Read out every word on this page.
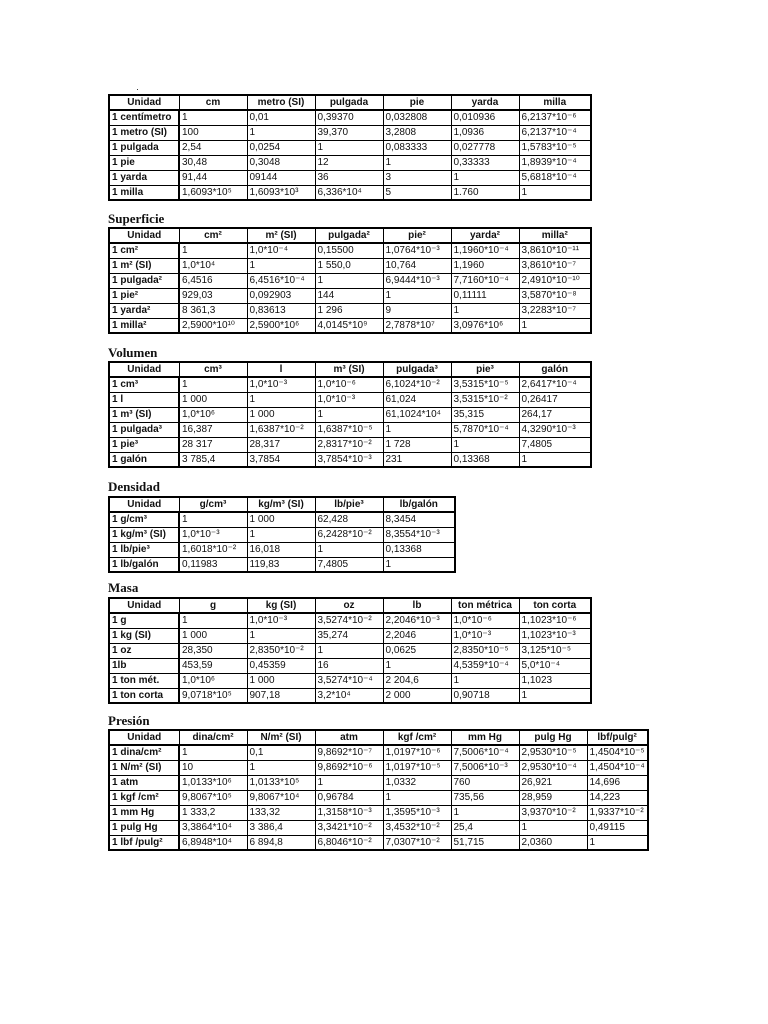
·
Unidad	cm	metro (SI)	pulgada	pie	yarda	milla
1 centímetro	1	0,01	0,39370	0,032808	0,010936	6,2137*10⁻⁶
1 metro (SI)	100	1	39,370	3,2808	1,0936	6,2137*10⁻⁴
1 pulgada	2,54	0,0254	1	0,083333	0,027778	1,5783*10⁻⁵
1 pie	30,48	0,3048	12	1	0,33333	1,8939*10⁻⁴
1 yarda	91,44	09144	36	3	1	5,6818*10⁻⁴
1 milla	1,6093*10⁵	1,6093*10³	6,336*10⁴	5	1.760	1
Superficie
Unidad	cm²	m² (SI)	pulgada²	pie²	yarda²	milla²
1 cm²	1	1,0*10⁻⁴	0,15500	1,0764*10⁻³	1,1960*10⁻⁴	3,8610*10⁻¹¹
1 m² (SI)	1,0*10⁴	1	1 550,0	10,764	1,1960	3,8610*10⁻⁷
1 pulgada²	6,4516	6,4516*10⁻⁴	1	6,9444*10⁻³	7,7160*10⁻⁴	2,4910*10⁻¹⁰
1 pie²	929,03	0,092903	144	1	0,11111	3,5870*10⁻⁸
1 yarda²	8 361,3	0,83613	1 296	9	1	3,2283*10⁻⁷
1 milla²	2,5900*10¹⁰	2,5900*10⁶	4,0145*10⁹	2,7878*10⁷	3,0976*10⁶	1
Volumen
Unidad	cm³	l	m³ (SI)	pulgada³	pie³	galón
1 cm³	1	1,0*10⁻³	1,0*10⁻⁶	6,1024*10⁻²	3,5315*10⁻⁵	2,6417*10⁻⁴
1 l	1 000	1	1,0*10⁻³	61,024	3,5315*10⁻²	0,26417
1 m³ (SI)	1,0*10⁶	1 000	1	61,1024*10⁴	35,315	264,17
1 pulgada³	16,387	1,6387*10⁻²	1,6387*10⁻⁵	1	5,7870*10⁻⁴	4,3290*10⁻³
1 pie³	28 317	28,317	2,8317*10⁻²	1 728	1	7,4805
1 galón	3 785,4	3,7854	3,7854*10⁻³	231	0,13368	1
Densidad
Unidad	g/cm³	kg/m³ (SI)	lb/pie³	lb/galón
1 g/cm³	1	1 000	62,428	8,3454
1 kg/m³ (SI)	1,0*10⁻³	1	6,2428*10⁻²	8,3554*10⁻³
1 lb/pie³	1,6018*10⁻²	16,018	1	0,13368
1 lb/galón	0,11983	119,83	7,4805	1
Masa
Unidad	g	kg (SI)	oz	lb	ton métrica	ton corta
1 g	1	1,0*10⁻³	3,5274*10⁻²	2,2046*10⁻³	1,0*10⁻⁶	1,1023*10⁻⁶
1 kg (SI)	1 000	1	35,274	2,2046	1,0*10⁻³	1,1023*10⁻³
1 oz	28,350	2,8350*10⁻²	1	0,0625	2,8350*10⁻⁵	3,125*10⁻⁵
1lb	453,59	0,45359	16	1	4,5359*10⁻⁴	5,0*10⁻⁴
1 ton mét.	1,0*10⁶	1 000	3,5274*10⁻⁴	2 204,6	1	1,1023
1 ton corta	9,0718*10⁵	907,18	3,2*10⁴	2 000	0,90718	1
Presión
Unidad	dina/cm²	N/m² (SI)	atm	kgf /cm²	mm Hg	pulg Hg	lbf/pulg²
1 dina/cm²	1	0,1	9,8692*10⁻⁷	1,0197*10⁻⁶	7,5006*10⁻⁴	2,9530*10⁻⁵	1,4504*10⁻⁵
1 N/m² (SI)	10	1	9,8692*10⁻⁶	1,0197*10⁻⁵	7,5006*10⁻³	2,9530*10⁻⁴	1,4504*10⁻⁴
1 atm	1,0133*10⁶	1,0133*10⁵	1	1,0332	760	26,921	14,696
1 kgf /cm²	9,8067*10⁵	9,8067*10⁴	0,96784	1	735,56	28,959	14,223
1 mm Hg	1 333,2	133,32	1,3158*10⁻³	1,3595*10⁻³	1	3,9370*10⁻²	1,9337*10⁻²
1 pulg Hg	3,3864*10⁴	3 386,4	3,3421*10⁻²	3,4532*10⁻²	25,4	1	0,49115
1 lbf /pulg²	6,8948*10⁴	6 894,8	6,8046*10⁻²	7,0307*10⁻²	51,715	2,0360	1
